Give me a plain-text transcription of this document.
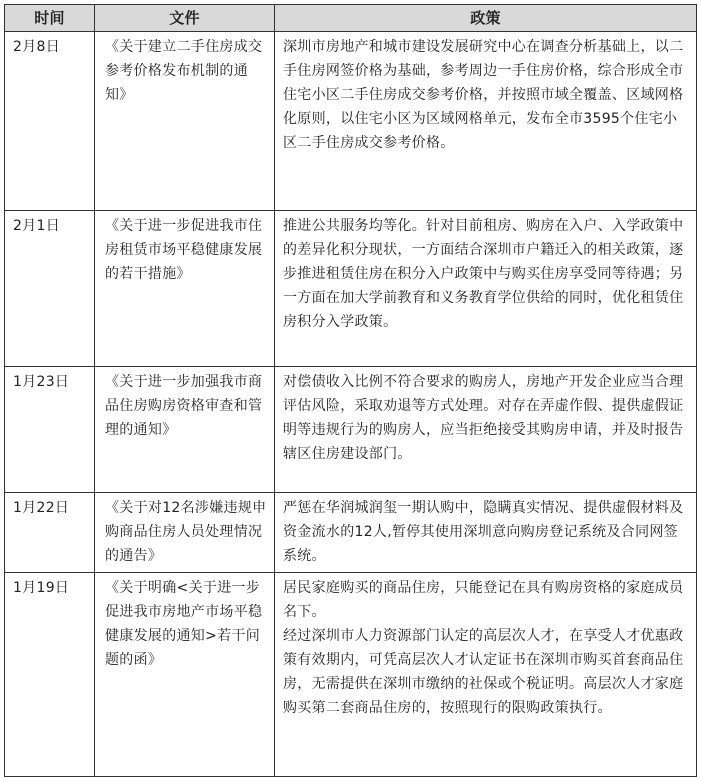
时间	文件	政策
2月8日	《关于建立二手住房成交参考价格发布机制的通知》	深圳市房地产和城市建设发展研究中心在调查分析基础上，以二手住房网签价格为基础，参考周边一手住房价格，综合形成全市住宅小区二手住房成交参考价格，并按照市域全覆盖、区域网格化原则，以住宅小区为区域网格单元，发布全市3595个住宅小区二手住房成交参考价格。

2月1日	《关于进一步促进我市住房租赁市场平稳健康发展的若干措施》	推进公共服务均等化。针对目前租房、购房在入户、入学政策中的差异化积分现状，一方面结合深圳市户籍迁入的相关政策，逐步推进租赁住房在积分入户政策中与购买住房享受同等待遇；另一方面在加大学前教育和义务教育学位供给的同时，优化租赁住房积分入学政策。

1月23日	《关于进一步加强我市商品住房购房资格审查和管理的通知》	对偿债收入比例不符合要求的购房人，房地产开发企业应当合理评估风险，采取劝退等方式处理。对存在弄虚作假、提供虚假证明等违规行为的购房人，应当拒绝接受其购房申请，并及时报告辖区住房建设部门。

1月22日	《关于对12名涉嫌违规申购商品住房人员处理情况的通告》	严惩在华润城润玺一期认购中，隐瞒真实情况、提供虚假材料及资金流水的12人,暂停其使用深圳意向购房登记系统及合同网签系统。

1月19日	《关于明确<关于进一步促进我市房地产市场平稳健康发展的通知>若干问题的函》	居民家庭购买的商品住房，只能登记在具有购房资格的家庭成员名下。
经过深圳市人力资源部门认定的高层次人才，在享受人才优惠政策有效期内，可凭高层次人才认定证书在深圳市购买首套商品住房，无需提供在深圳市缴纳的社保或个税证明。高层次人才家庭购买第二套商品住房的，按照现行的限购政策执行。
